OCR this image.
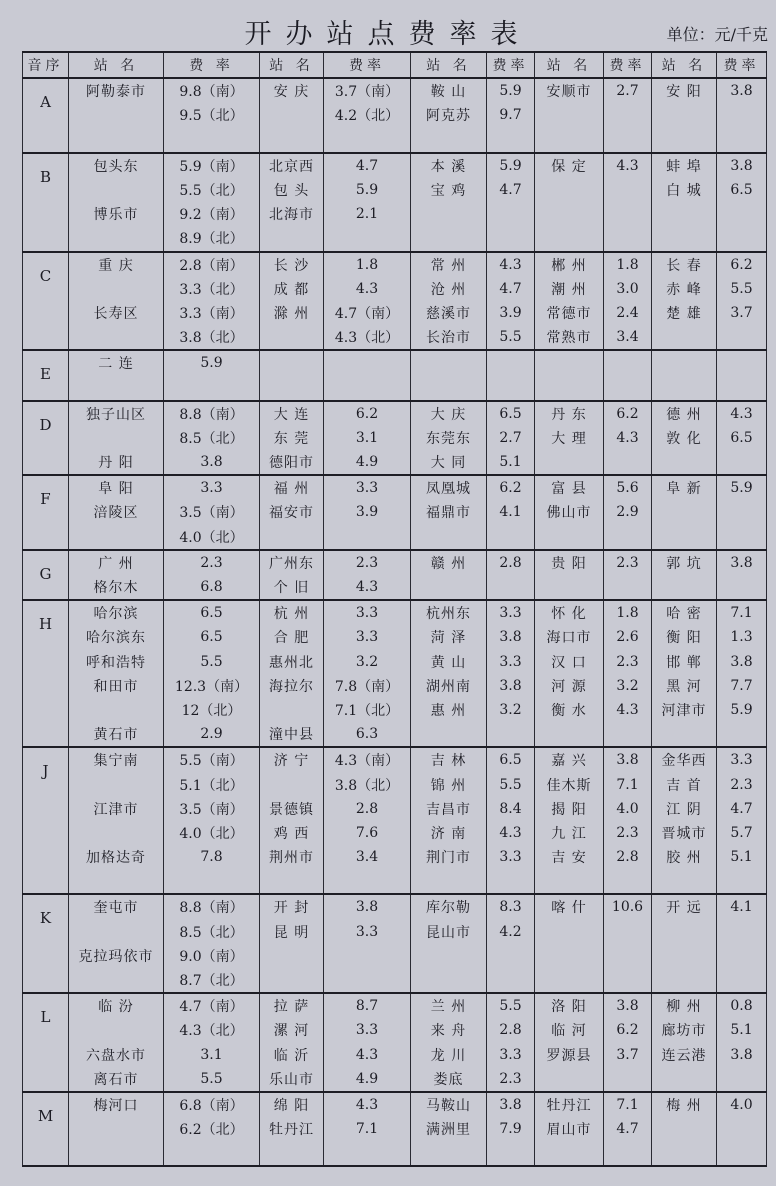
开办站点费率表	单位：元/千克
音序	站 名	费 率	站 名	费率	站 名	费率	站 名	费率	站 名	费率
A	阿勒泰市	9.8（南）	安 庆	3.7（南）	鞍 山	5.9	安顺市	2.7	安 阳	3.8
		9.5（北）		4.2（北）	阿克苏	9.7				

B	包头东	5.9（南）	北京西	4.7	本 溪	5.9	保 定	4.3	蚌 埠	3.8
		5.5（北）	包 头	5.9	宝 鸡	4.7			白 城	6.5
	博乐市	9.2（南）	北海市	2.1						
		8.9（北）								
C	重 庆	2.8（南）	长 沙	1.8	常 州	4.3	郴 州	1.8	长 春	6.2
		3.3（北）	成 都	4.3	沧 州	4.7	潮 州	3.0	赤 峰	5.5
	长寿区	3.3（南）	滁 州	4.7（南）	慈溪市	3.9	常德市	2.4	楚 雄	3.7
		3.8（北）		4.3（北）	长治市	5.5	常熟市	3.4		
E	二 连	5.9								

D	独子山区	8.8（南）	大 连	6.2	大 庆	6.5	丹 东	6.2	德 州	4.3
		8.5（北）	东 莞	3.1	东莞东	2.7	大 理	4.3	敦 化	6.5
	丹 阳	3.8	德阳市	4.9	大 同	5.1				
F	阜 阳	3.3	福 州	3.3	凤凰城	6.2	富 县	5.6	阜 新	5.9
	涪陵区	3.5（南）	福安市	3.9	福鼎市	4.1	佛山市	2.9		
		4.0（北）								
G	广 州	2.3	广州东	2.3	赣 州	2.8	贵 阳	2.3	郭 坑	3.8
	格尔木	6.8	个 旧	4.3						
H	哈尔滨	6.5	杭 州	3.3	杭州东	3.3	怀 化	1.8	哈 密	7.1
	哈尔滨东	6.5	合 肥	3.3	菏 泽	3.8	海口市	2.6	衡 阳	1.3
	呼和浩特	5.5	惠州北	3.2	黄 山	3.3	汉 口	2.3	邯 郸	3.8
	和田市	12.3（南）	海拉尔	7.8（南）	湖州南	3.8	河 源	3.2	黑 河	7.7
		12（北）		7.1（北）	惠 州	3.2	衡 水	4.3	河津市	5.9
	黄石市	2.9	潼中县	6.3						
J	集宁南	5.5（南）	济 宁	4.3（南）	吉 林	6.5	嘉 兴	3.8	金华西	3.3
		5.1（北）		3.8（北）	锦 州	5.5	佳木斯	7.1	吉 首	2.3
	江津市	3.5（南）	景德镇	2.8	吉昌市	8.4	揭 阳	4.0	江 阴	4.7
		4.0（北）	鸡 西	7.6	济 南	4.3	九 江	2.3	晋城市	5.7
	加格达奇	7.8	荆州市	3.4	荆门市	3.3	吉 安	2.8	胶 州	5.1

K	奎屯市	8.8（南）	开 封	3.8	库尔勒	8.3	喀 什	10.6	开 远	4.1
		8.5（北）	昆 明	3.3	昆山市	4.2				
	克拉玛依市	9.0（南）								
		8.7（北）								
L	临 汾	4.7（南）	拉 萨	8.7	兰 州	5.5	洛 阳	3.8	柳 州	0.8
		4.3（北）	漯 河	3.3	来 舟	2.8	临 河	6.2	廊坊市	5.1
	六盘水市	3.1	临 沂	4.3	龙 川	3.3	罗源县	3.7	连云港	3.8
	离石市	5.5	乐山市	4.9	娄底	2.3				
M	梅河口	6.8（南）	绵 阳	4.3	马鞍山	3.8	牡丹江	7.1	梅 州	4.0
		6.2（北）	牡丹江	7.1	满洲里	7.9	眉山市	4.7		
